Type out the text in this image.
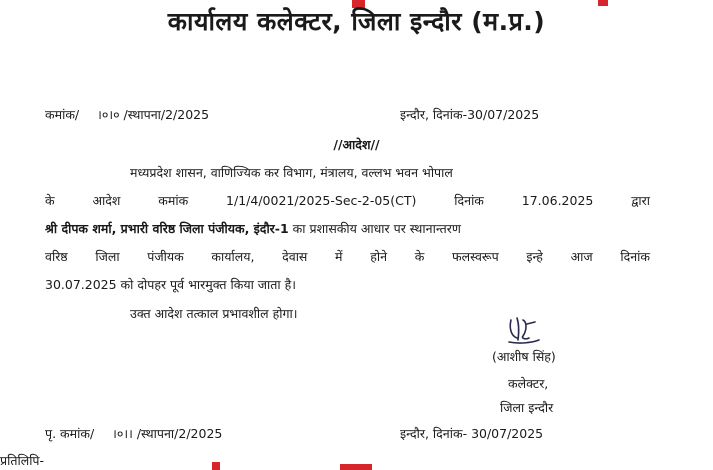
कार्यालय कलेक्टर, जिला इन्दौर (म.प्र.)
कमांक/ ।०।० /स्थापना/2/2025	इन्दौर, दिनांक-30/07/2025
//आदेश//
मध्यप्रदेश शासन, वाणिज्यिक कर विभाग, मंत्रालय, वल्लभ भवन भोपाल
के आदेश कमांक 1/1/4/0021/2025-Sec-2-05(CT) दिनांक 17.06.2025 द्वारा
श्री दीपक शर्मा, प्रभारी वरिष्ठ जिला पंजीयक, इंदौर-1 का प्रशासकीय आधार पर स्थानान्तरण
वरिष्ठ जिला पंजीयक कार्यालय, देवास में होने के फलस्वरूप इन्हे आज दिनांक
30.07.2025 को दोपहर पूर्व भारमुक्त किया जाता है।
उक्त आदेश तत्काल प्रभावशील होगा।
(आशीष सिंह)
कलेक्टर,
जिला इन्दौर
पृ. कमांक/ ।०।। /स्थापना/2/2025	इन्दौर, दिनांक- 30/07/2025
प्रतिलिपि-
